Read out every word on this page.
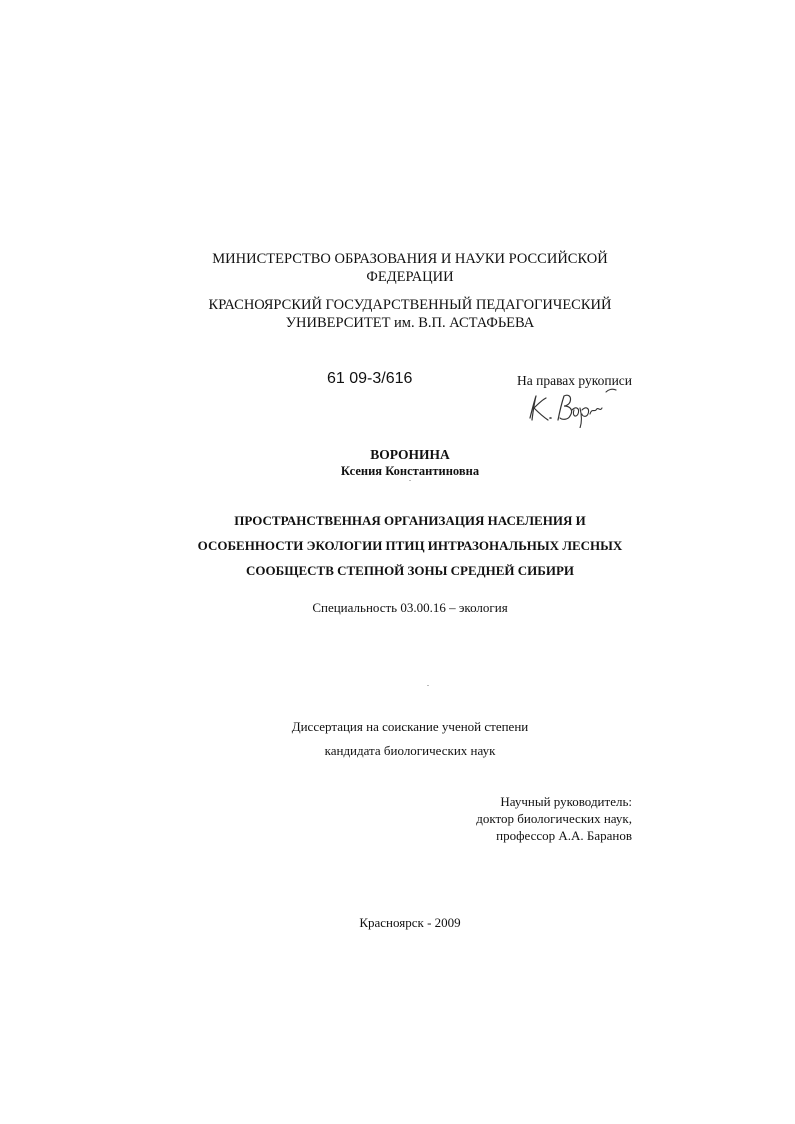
МИНИСТЕРСТВО ОБРАЗОВАНИЯ И НАУКИ РОССИЙСКОЙ
ФЕДЕРАЦИИ
КРАСНОЯРСКИЙ ГОСУДАРСТВЕННЫЙ ПЕДАГОГИЧЕСКИЙ
УНИВЕРСИТЕТ им. В.П. АСТАФЬЕВА
61 09-3/616	На правах рукописи
ВОРОНИНА
Ксения Константиновна
ПРОСТРАНСТВЕННАЯ ОРГАНИЗАЦИЯ НАСЕЛЕНИЯ И
ОСОБЕННОСТИ ЭКОЛОГИИ ПТИЦ ИНТРАЗОНАЛЬНЫХ ЛЕСНЫХ
СООБЩЕСТВ СТЕПНОЙ ЗОНЫ СРЕДНЕЙ СИБИРИ
Специальность 03.00.16 – экология
Диссертация на соискание ученой степени
кандидата биологических наук
Научный руководитель:
доктор биологических наук,
профессор А.А. Баранов
Красноярск - 2009
